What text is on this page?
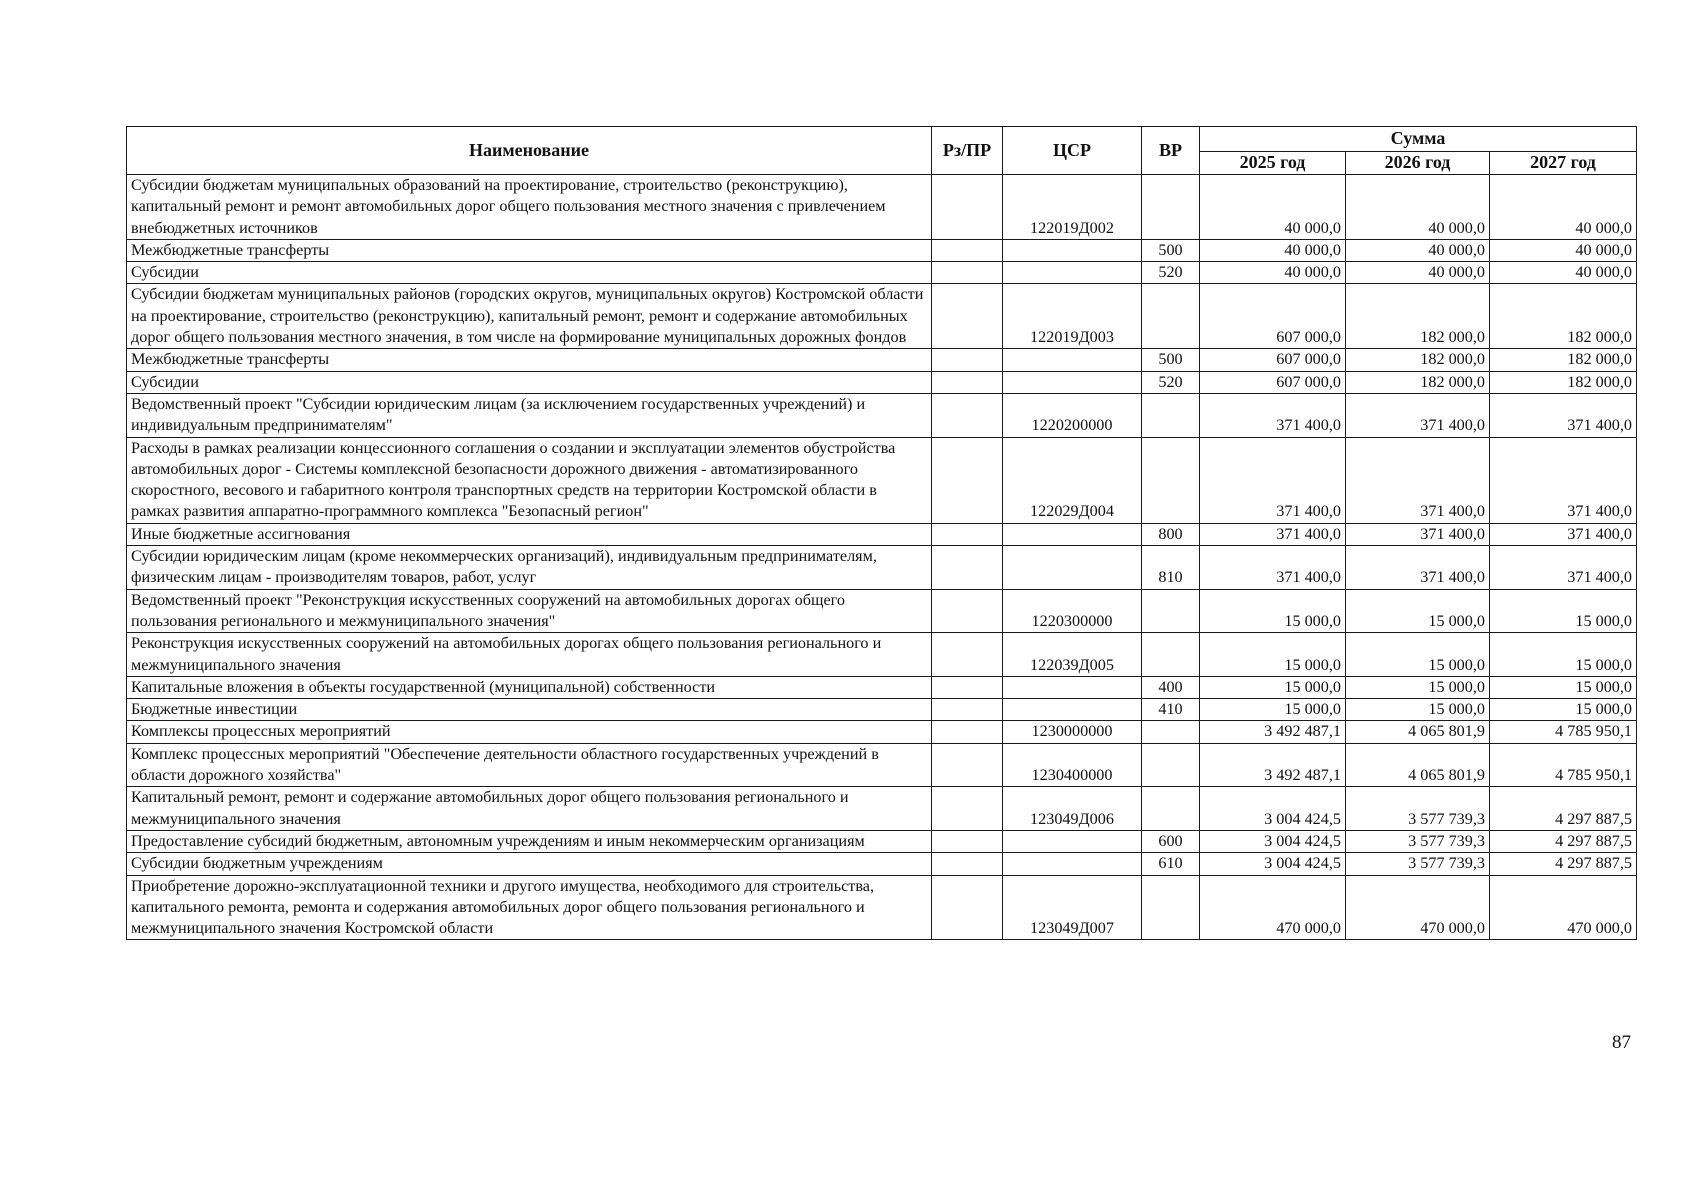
Наименование	Рз/ПР	ЦСР	ВР	Сумма		
				2025 год	2026 год	2027 год
Субсидии бюджетам муниципальных образований на проектирование, строительство (реконструкцию), капитальный ремонт и ремонт автомобильных дорог общего пользования местного значения с привлечением внебюджетных источников		122019Д002		40 000,0	40 000,0	40 000,0
Межбюджетные трансферты			500	40 000,0	40 000,0	40 000,0
Субсидии			520	40 000,0	40 000,0	40 000,0
Субсидии бюджетам муниципальных районов (городских округов, муниципальных округов) Костромской области на проектирование, строительство (реконструкцию), капитальный ремонт, ремонт и содержание автомобильных дорог общего пользования местного значения, в том числе на формирование муниципальных дорожных фондов		122019Д003		607 000,0	182 000,0	182 000,0
Межбюджетные трансферты			500	607 000,0	182 000,0	182 000,0
Субсидии			520	607 000,0	182 000,0	182 000,0
Ведомственный проект "Субсидии юридическим лицам (за исключением государственных учреждений) и индивидуальным предпринимателям"		1220200000		371 400,0	371 400,0	371 400,0
Расходы в рамках реализации концессионного соглашения о создании и эксплуатации элементов обустройства автомобильных дорог - Системы комплексной безопасности дорожного движения - автоматизированного скоростного, весового и габаритного контроля транспортных средств на территории Костромской области в рамках развития аппаратно-программного комплекса "Безопасный регион"		122029Д004		371 400,0	371 400,0	371 400,0
Иные бюджетные ассигнования			800	371 400,0	371 400,0	371 400,0
Субсидии юридическим лицам (кроме некоммерческих организаций), индивидуальным предпринимателям, физическим лицам - производителям товаров, работ, услуг			810	371 400,0	371 400,0	371 400,0
Ведомственный проект "Реконструкция искусственных сооружений на автомобильных дорогах общего пользования регионального и межмуниципального значения"		1220300000		15 000,0	15 000,0	15 000,0
Реконструкция искусственных сооружений на автомобильных дорогах общего пользования регионального и межмуниципального значения		122039Д005		15 000,0	15 000,0	15 000,0
Капитальные вложения в объекты государственной (муниципальной) собственности			400	15 000,0	15 000,0	15 000,0
Бюджетные инвестиции			410	15 000,0	15 000,0	15 000,0
Комплексы процессных мероприятий		1230000000		3 492 487,1	4 065 801,9	4 785 950,1
Комплекс процессных мероприятий "Обеспечение деятельности областного государственных учреждений в области дорожного хозяйства"		1230400000		3 492 487,1	4 065 801,9	4 785 950,1
Капитальный ремонт, ремонт и содержание автомобильных дорог общего пользования регионального и межмуниципального значения		123049Д006		3 004 424,5	3 577 739,3	4 297 887,5
Предоставление субсидий бюджетным, автономным учреждениям и иным некоммерческим организациям			600	3 004 424,5	3 577 739,3	4 297 887,5
Субсидии бюджетным учреждениям			610	3 004 424,5	3 577 739,3	4 297 887,5
Приобретение дорожно-эксплуатационной техники и другого имущества, необходимого для строительства, капитального ремонта, ремонта и содержания автомобильных дорог общего пользования регионального и межмуниципального значения Костромской области		123049Д007		470 000,0	470 000,0	470 000,0
87
